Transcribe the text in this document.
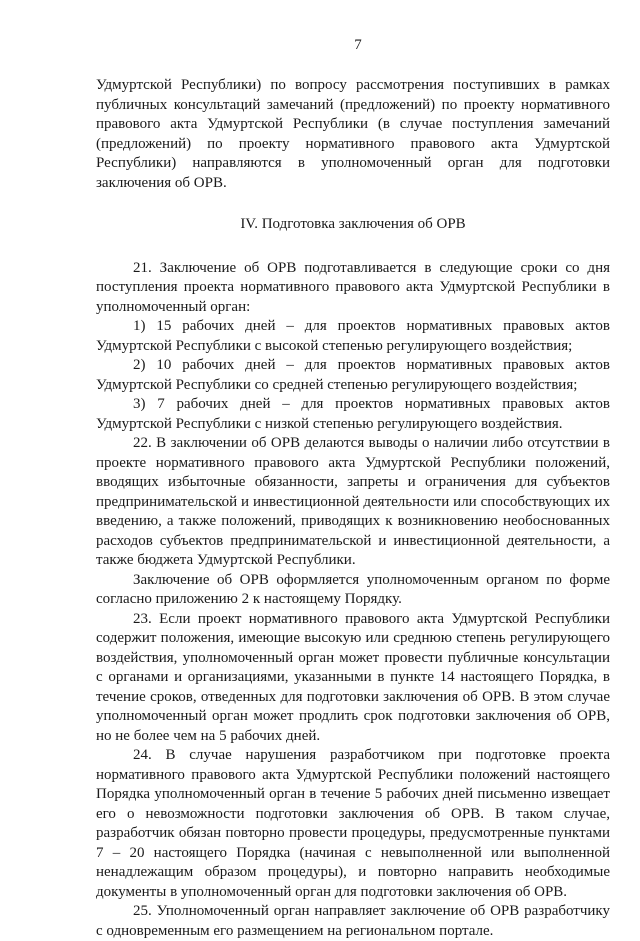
7

Удмуртской Республики) по вопросу рассмотрения поступивших в рамках публичных консультаций замечаний (предложений) по проекту нормативного правового акта Удмуртской Республики (в случае поступления замечаний (предложений) по проекту нормативного правового акта Удмуртской Республики) направляются в уполномоченный орган для подготовки заключения об ОРВ.

IV. Подготовка заключения об ОРВ

21. Заключение об ОРВ подготавливается в следующие сроки со дня поступления проекта нормативного правового акта Удмуртской Республики в уполномоченный орган:

1) 15 рабочих дней – для проектов нормативных правовых актов Удмуртской Республики с высокой степенью регулирующего воздействия;

2) 10 рабочих дней – для проектов нормативных правовых актов Удмуртской Республики со средней степенью регулирующего воздействия;

3) 7 рабочих дней – для проектов нормативных правовых актов Удмуртской Республики с низкой степенью регулирующего воздействия.

22. В заключении об ОРВ делаются выводы о наличии либо отсутствии в проекте нормативного правового акта Удмуртской Республики положений, вводящих избыточные обязанности, запреты и ограничения для субъектов предпринимательской и инвестиционной деятельности или способствующих их введению, а также положений, приводящих к возникновению необоснованных расходов субъектов предпринимательской и инвестиционной деятельности, а также бюджета Удмуртской Республики.

Заключение об ОРВ оформляется уполномоченным органом по форме согласно приложению 2 к настоящему Порядку.

23. Если проект нормативного правового акта Удмуртской Республики содержит положения, имеющие высокую или среднюю степень регулирующего воздействия, уполномоченный орган может провести публичные консультации с органами и организациями, указанными в пункте 14 настоящего Порядка, в течение сроков, отведенных для подготовки заключения об ОРВ. В этом случае уполномоченный орган может продлить срок подготовки заключения об ОРВ, но не более чем на 5 рабочих дней.

24. В случае нарушения разработчиком при подготовке проекта нормативного правового акта Удмуртской Республики положений настоящего Порядка уполномоченный орган в течение 5 рабочих дней письменно извещает его о невозможности подготовки заключения об ОРВ. В таком случае, разработчик обязан повторно провести процедуры, предусмотренные пунктами 7 – 20 настоящего Порядка (начиная с невыполненной или выполненной ненадлежащим образом процедуры), и повторно направить необходимые документы в уполномоченный орган для подготовки заключения об ОРВ.

25. Уполномоченный орган направляет заключение об ОРВ разработчику с одновременным его размещением на региональном портале.
